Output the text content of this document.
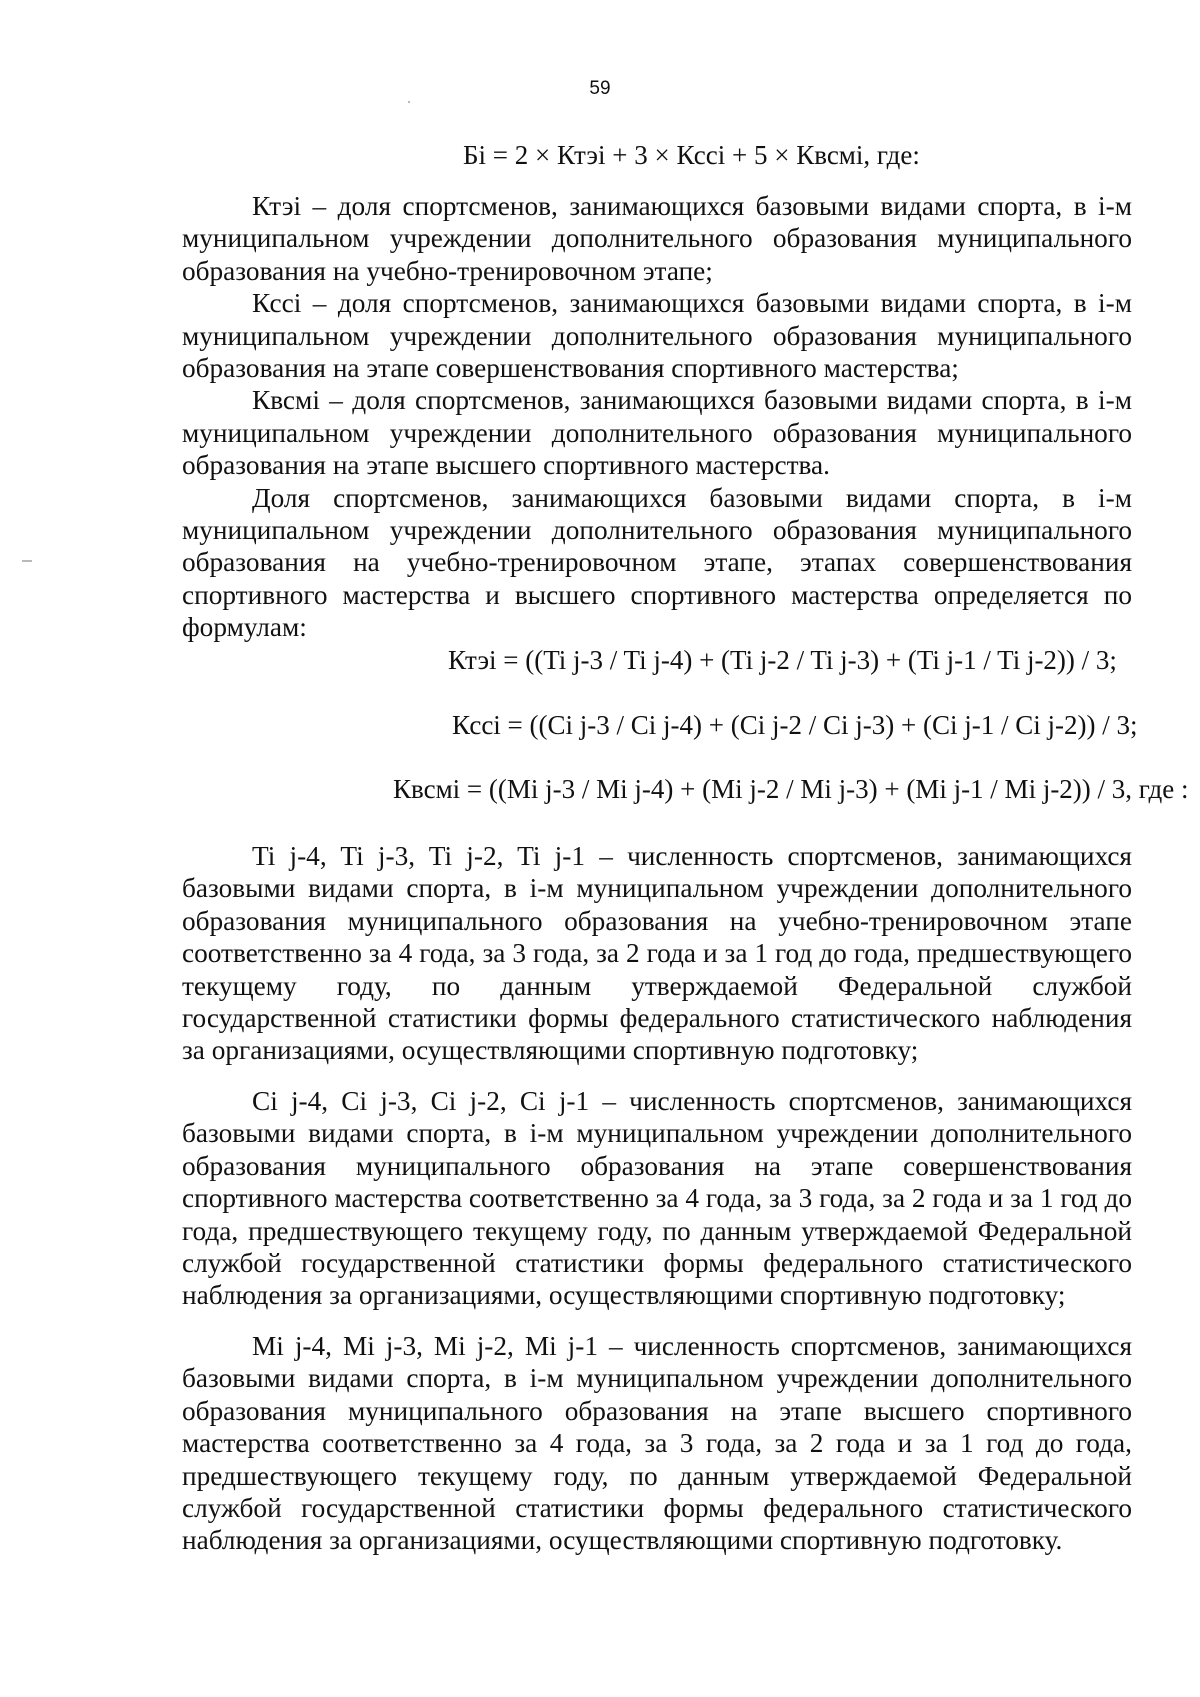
59
Бi = 2 × Ктэi + 3 × Кссi + 5 × Квсмi, где:

Ктэi – доля спортсменов, занимающихся базовыми видами спорта, в i-м муниципальном учреждении дополнительного образования муниципального образования на учебно-тренировочном этапе;

Кссi – доля спортсменов, занимающихся базовыми видами спорта, в i-м муниципальном учреждении дополнительного образования муниципального образования на этапе совершенствования спортивного мастерства;

Квсмi – доля спортсменов, занимающихся базовыми видами спорта, в i-м муниципальном учреждении дополнительного образования муниципального образования на этапе высшего спортивного мастерства.

Доля спортсменов, занимающихся базовыми видами спорта, в i-м муниципальном учреждении дополнительного образования муниципального образования на учебно-тренировочном этапе, этапах совершенствования спортивного мастерства и высшего спортивного мастерства определяется по формулам:

Ктэi = ((Ti j-3 / Ti j-4) + (Ti j-2 / Ti j-3) + (Ti j-1 / Ti j-2)) / 3;
Кссi = ((Ci j-3 / Ci j-4) + (Ci j-2 / Ci j-3) + (Ci j-1 / Ci j-2)) / 3;
Квсмi = ((Mi j-3 / Mi j-4) + (Mi j-2 / Mi j-3) + (Mi j-1 / Mi j-2)) / 3, где :

Ti j-4, Ti j-3, Ti j-2, Ti j-1 – численность спортсменов, занимающихся базовыми видами спорта, в i-м муниципальном учреждении дополнительного образования муниципального образования на учебно-тренировочном этапе соответственно за 4 года, за 3 года, за 2 года и за 1 год до года, предшествующего текущему году, по данным утверждаемой Федеральной службой государственной статистики формы федерального статистического наблюдения за организациями, осуществляющими спортивную подготовку;

Ci j-4, Ci j-3, Ci j-2, Ci j-1 – численность спортсменов, занимающихся базовыми видами спорта, в i-м муниципальном учреждении дополнительного образования муниципального образования на этапе совершенствования спортивного мастерства соответственно за 4 года, за 3 года, за 2 года и за 1 год до года, предшествующего текущему году, по данным утверждаемой Федеральной службой государственной статистики формы федерального статистического наблюдения за организациями, осуществляющими спортивную подготовку;

Mi j-4, Mi j-3, Mi j-2, Mi j-1 – численность спортсменов, занимающихся базовыми видами спорта, в i-м муниципальном учреждении дополнительного образования муниципального образования на этапе высшего спортивного мастерства соответственно за 4 года, за 3 года, за 2 года и за 1 год до года, предшествующего текущему году, по данным утверждаемой Федеральной службой государственной статистики формы федерального статистического наблюдения за организациями, осуществляющими спортивную подготовку.
